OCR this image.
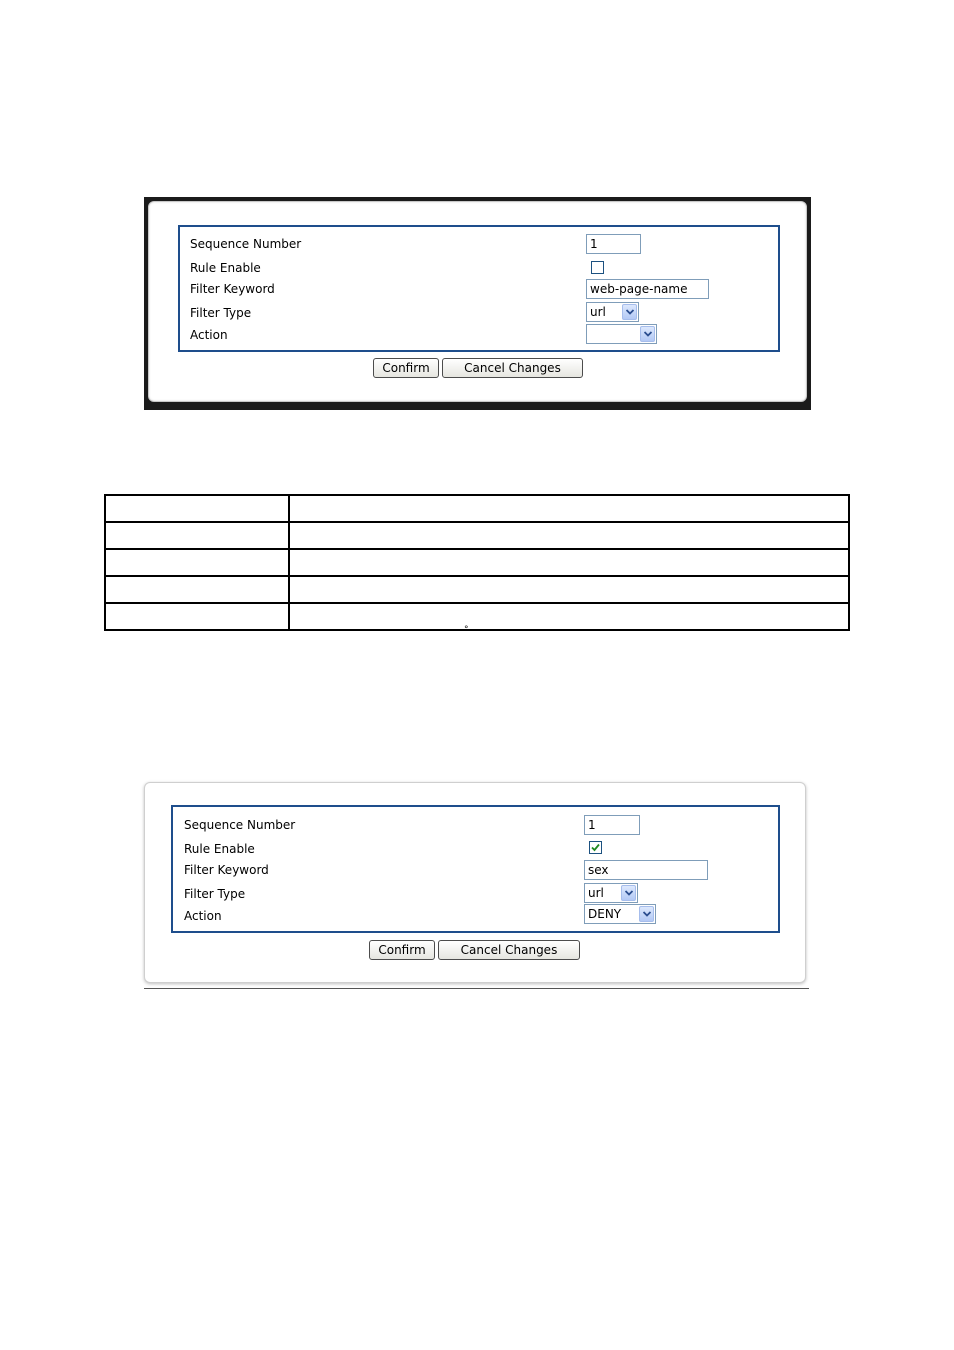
Sequence Number	1
Rule Enable
Filter Keyword	web-page-name
Filter Type	url
Action
Confirm	Cancel Changes

°
Sequence Number	1
Rule Enable
Filter Keyword	sex
Filter Type	url
Action	DENY
Confirm	Cancel Changes
